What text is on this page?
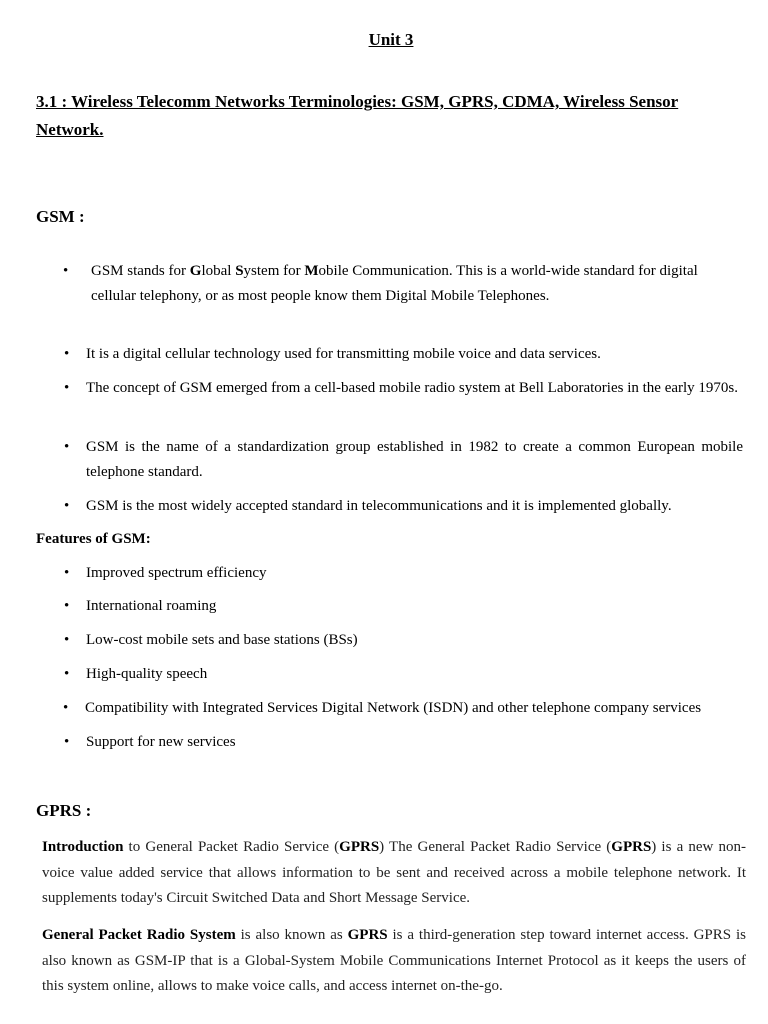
Unit 3
3.1 : Wireless Telecomm Networks Terminologies: GSM, GPRS, CDMA, Wireless Sensor Network.
GSM :
• GSM stands for Global System for Mobile Communication. This is a world-wide standard for digital cellular telephony, or as most people know them Digital Mobile Telephones.
• It is a digital cellular technology used for transmitting mobile voice and data services.
• The concept of GSM emerged from a cell-based mobile radio system at Bell Laboratories in the early 1970s.
• GSM is the name of a standardization group established in 1982 to create a common European mobile telephone standard.
• GSM is the most widely accepted standard in telecommunications and it is implemented globally.
Features of GSM:
• Improved spectrum efficiency
• International roaming
• Low-cost mobile sets and base stations (BSs)
• High-quality speech
• Compatibility with Integrated Services Digital Network (ISDN) and other telephone company services
• Support for new services
GPRS :
Introduction to General Packet Radio Service (GPRS) The General Packet Radio Service (GPRS) is a new non-voice value added service that allows information to be sent and received across a mobile telephone network. It supplements today's Circuit Switched Data and Short Message Service.
General Packet Radio System is also known as GPRS is a third-generation step toward internet access. GPRS is also known as GSM-IP that is a Global-System Mobile Communications Internet Protocol as it keeps the users of this system online, allows to make voice calls, and access internet on-the-go.
